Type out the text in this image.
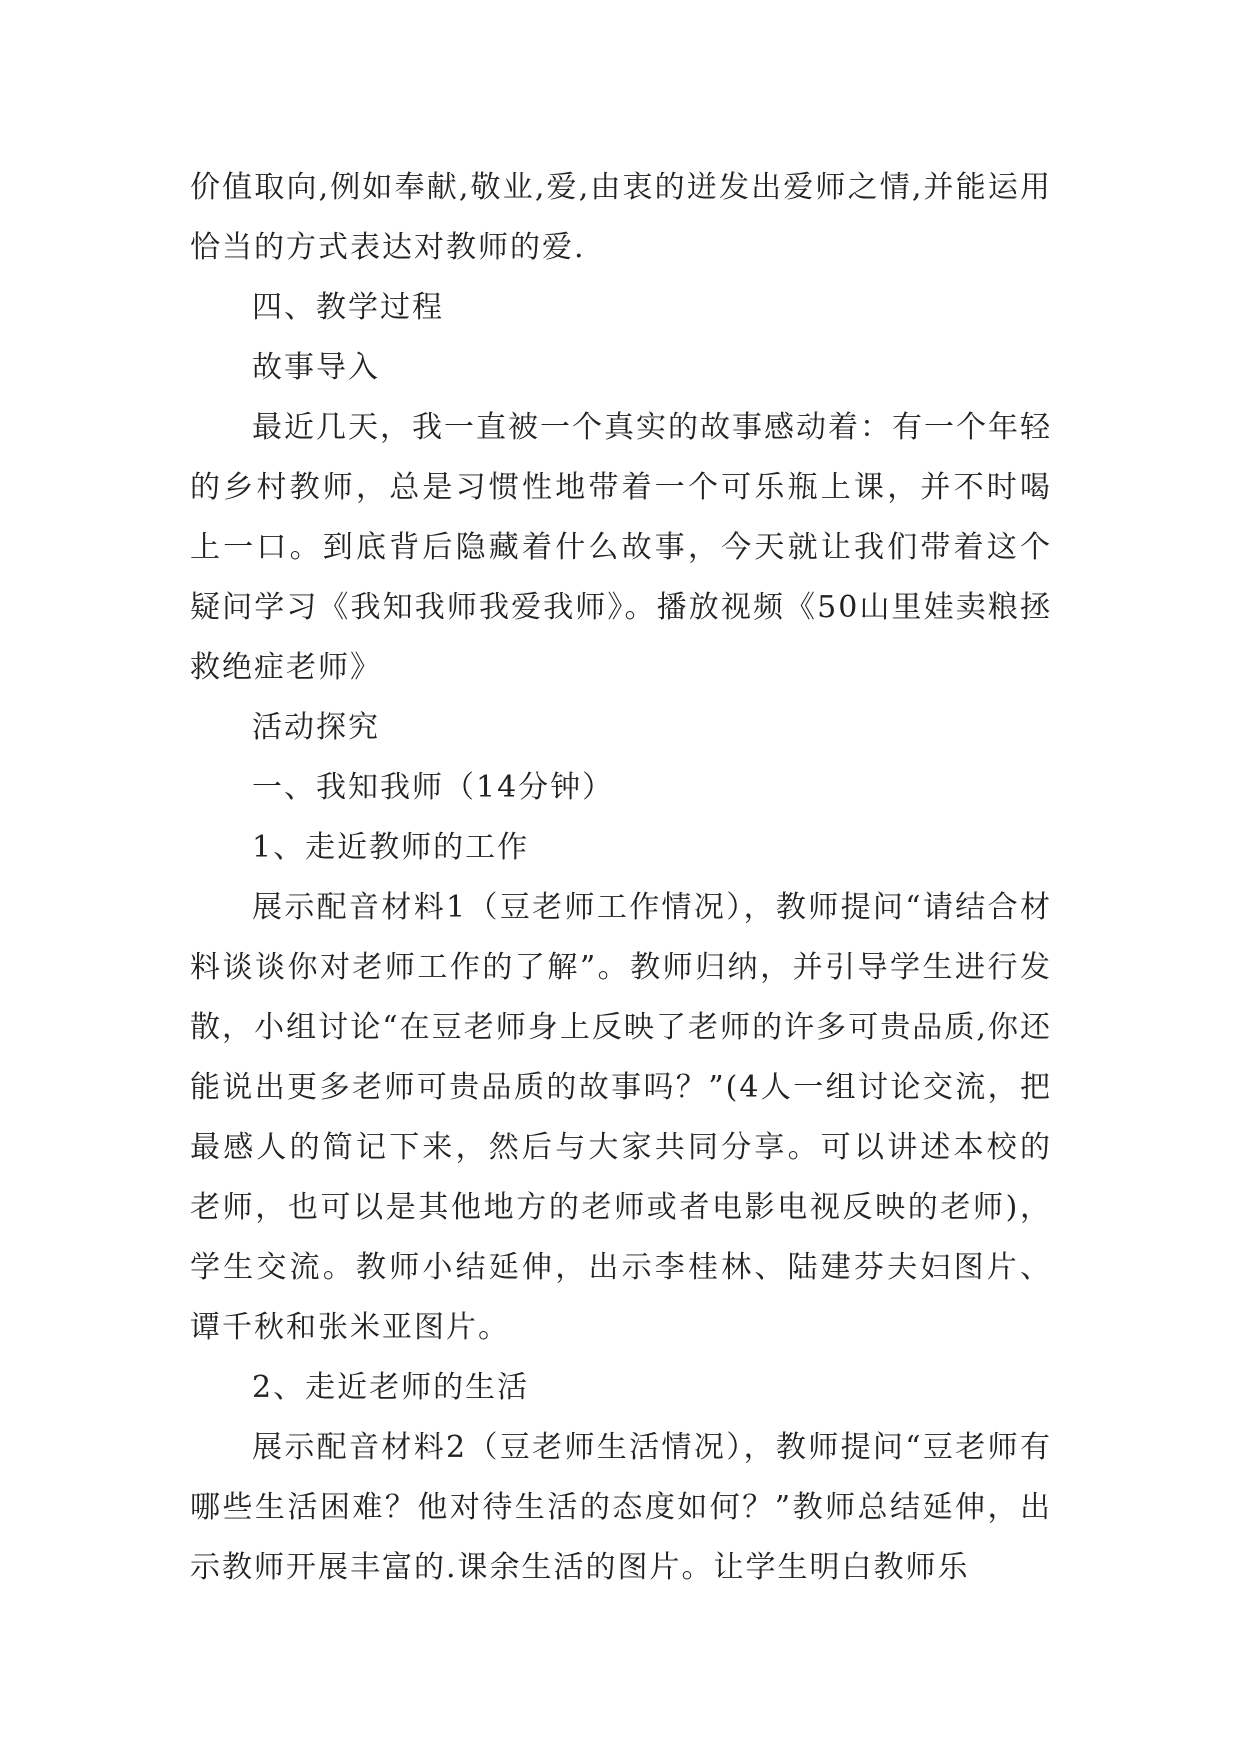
价值取向,例如奉献,敬业,爱,由衷的迸发出爱师之情,并能运用恰当的方式表达对教师的爱.

四、教学过程

故事导入

最近几天，我一直被一个真实的故事感动着：有一个年轻的乡村教师，总是习惯性地带着一个可乐瓶上课，并不时喝上一口。到底背后隐藏着什么故事，今天就让我们带着这个疑问学习《我知我师我爱我师》。播放视频《50山里娃卖粮拯救绝症老师》

活动探究

一、我知我师（14分钟）

1、走近教师的工作

展示配音材料1（豆老师工作情况），教师提问“请结合材料谈谈你对老师工作的了解”。教师归纳，并引导学生进行发散，小组讨论“在豆老师身上反映了老师的许多可贵品质,你还能说出更多老师可贵品质的故事吗？”(4人一组讨论交流，把最感人的简记下来，然后与大家共同分享。可以讲述本校的老师，也可以是其他地方的老师或者电影电视反映的老师)，学生交流。教师小结延伸，出示李桂林、陆建芬夫妇图片、谭千秋和张米亚图片。

2、走近老师的生活

展示配音材料2（豆老师生活情况），教师提问“豆老师有哪些生活困难？他对待生活的态度如何？”教师总结延伸，出示教师开展丰富的.课余生活的图片。让学生明白教师乐
